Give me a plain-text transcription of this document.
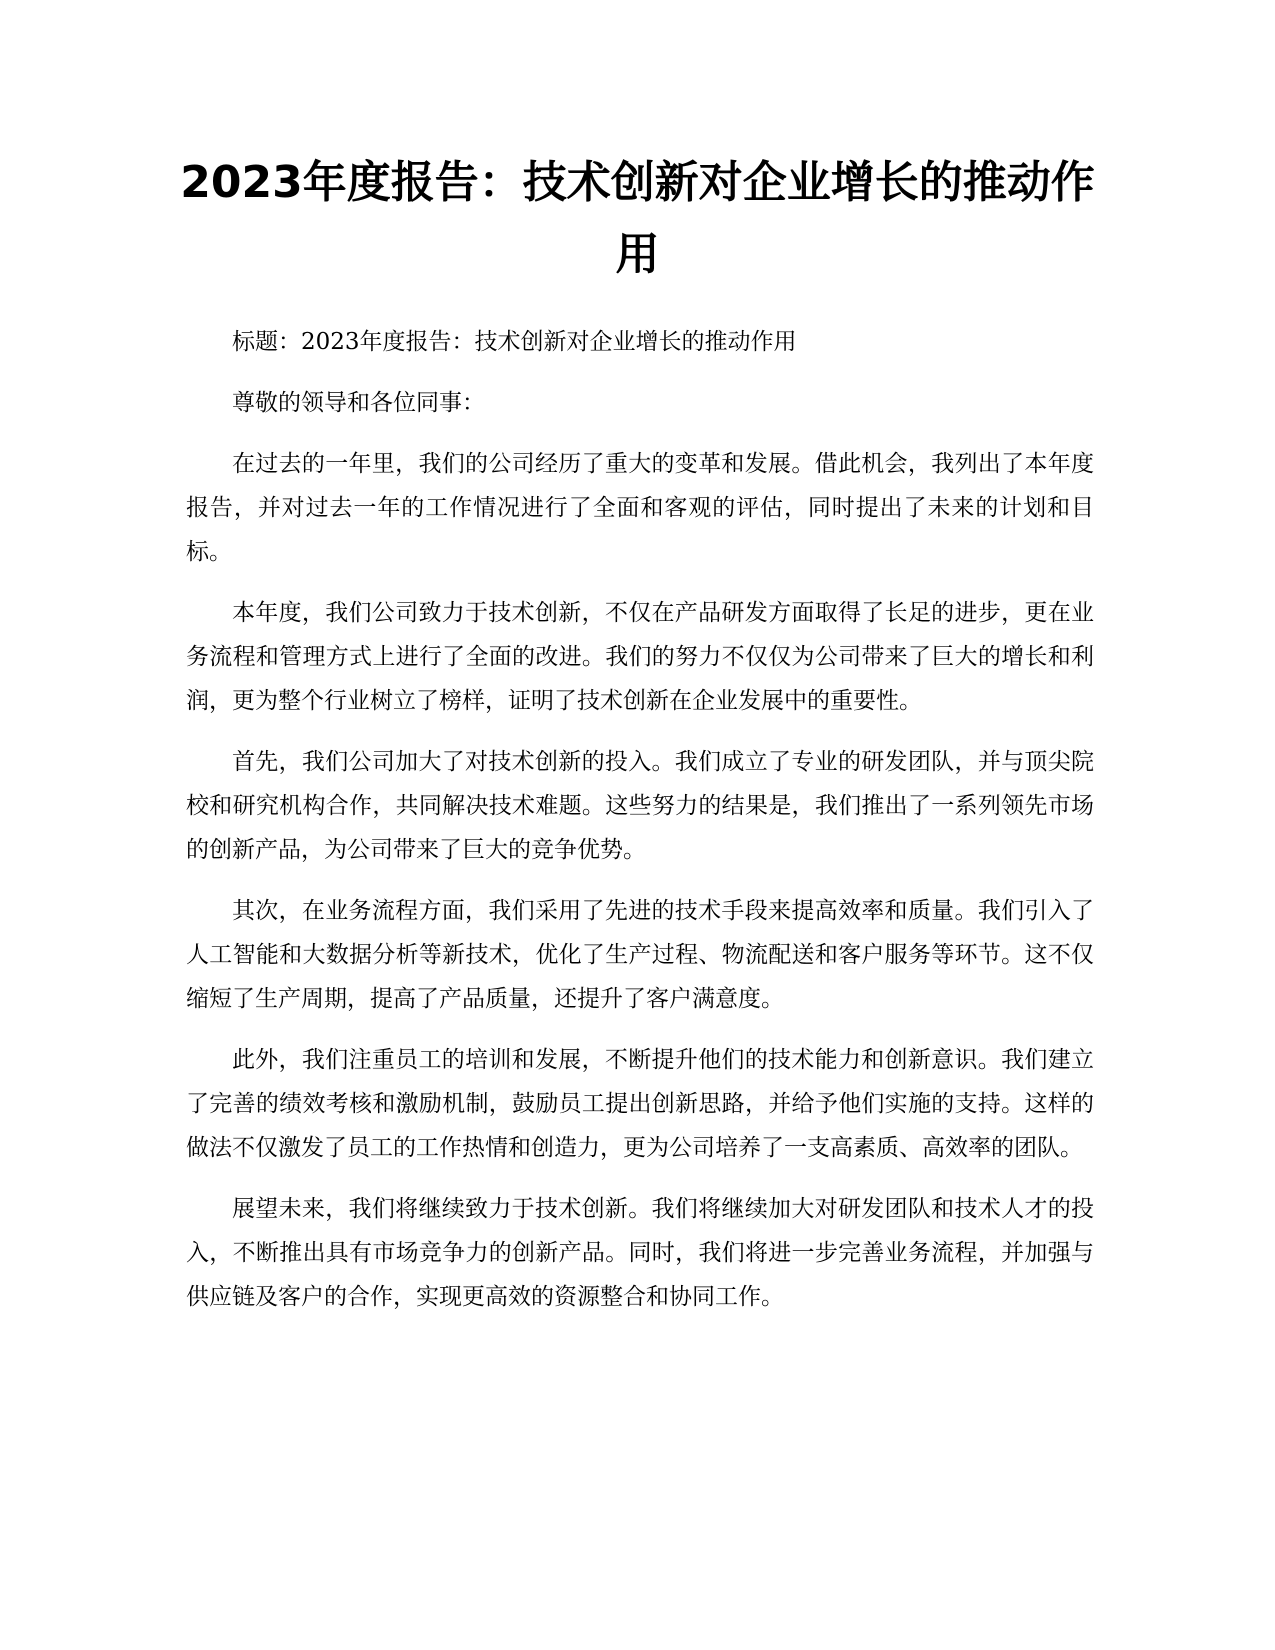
2023年度报告：技术创新对企业增长的推动作用

标题：2023年度报告：技术创新对企业增长的推动作用

尊敬的领导和各位同事：

在过去的一年里，我们的公司经历了重大的变革和发展。借此机会，我列出了本年度报告，并对过去一年的工作情况进行了全面和客观的评估，同时提出了未来的计划和目标。

本年度，我们公司致力于技术创新，不仅在产品研发方面取得了长足的进步，更在业务流程和管理方式上进行了全面的改进。我们的努力不仅仅为公司带来了巨大的增长和利润，更为整个行业树立了榜样，证明了技术创新在企业发展中的重要性。

首先，我们公司加大了对技术创新的投入。我们成立了专业的研发团队，并与顶尖院校和研究机构合作，共同解决技术难题。这些努力的结果是，我们推出了一系列领先市场的创新产品，为公司带来了巨大的竞争优势。

其次，在业务流程方面，我们采用了先进的技术手段来提高效率和质量。我们引入了人工智能和大数据分析等新技术，优化了生产过程、物流配送和客户服务等环节。这不仅缩短了生产周期，提高了产品质量，还提升了客户满意度。

此外，我们注重员工的培训和发展，不断提升他们的技术能力和创新意识。我们建立了完善的绩效考核和激励机制，鼓励员工提出创新思路，并给予他们实施的支持。这样的做法不仅激发了员工的工作热情和创造力，更为公司培养了一支高素质、高效率的团队。

展望未来，我们将继续致力于技术创新。我们将继续加大对研发团队和技术人才的投入，不断推出具有市场竞争力的创新产品。同时，我们将进一步完善业务流程，并加强与供应链及客户的合作，实现更高效的资源整合和协同工作。
